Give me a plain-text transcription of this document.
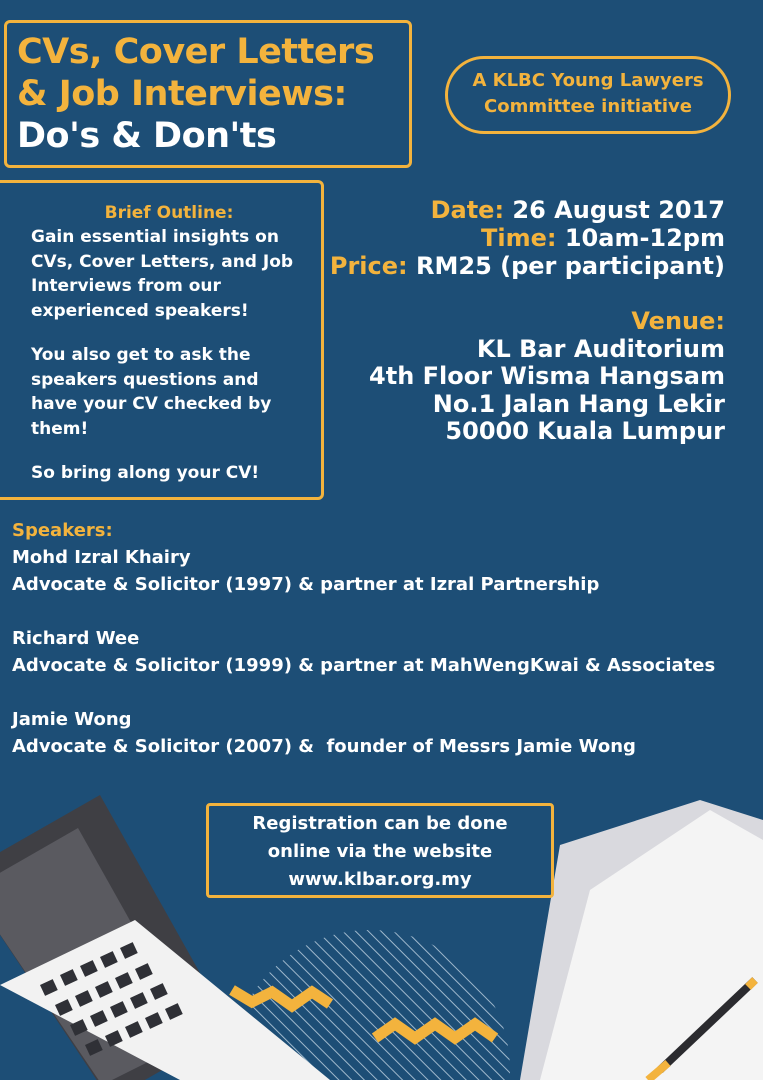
CVs, Cover Letters
& Job Interviews:
Do's & Don'ts
A KLBC Young Lawyers
Committee initiative
Brief Outline:

Gain essential insights on CVs, Cover Letters, and Job Interviews from our experienced speakers!

You also get to ask the speakers questions and have your CV checked by them!

So bring along your CV!

Date: 26 August 2017
Time: 10am-12pm
Price: RM25 (per participant)
Venue:
KL Bar Auditorium
4th Floor Wisma Hangsam
No.1 Jalan Hang Lekir
50000 Kuala Lumpur
Speakers:
Mohd Izral Khairy
Advocate & Solicitor (1997) & partner at Izral Partnership
Richard Wee
Advocate & Solicitor (1999) & partner at MahWengKwai & Associates
Jamie Wong
Advocate & Solicitor (2007) &  founder of Messrs Jamie Wong
Registration can be done
online via the website
www.klbar.org.my
